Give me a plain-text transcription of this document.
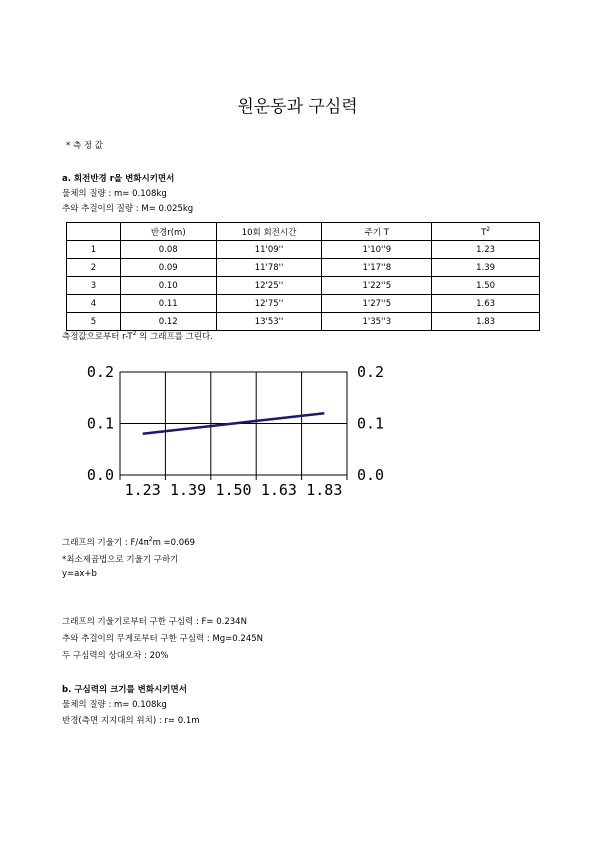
원운동과 구심력
* 측 정 값
a. 회전반경 r을 변화시키면서
물체의 질량 : m= 0.108kg
추와 추걸이의 질량 : M= 0.025kg
	반경r(m)	10회 회전시간	주기 T	$T^2$
1	0.08	11'09''	1'10''9	1.23
2	0.09	11'78''	1'17''8	1.39
3	0.10	12'25''	1'22''5	1.50
4	0.11	12'75''	1'27''5	1.63
5	0.12	13'53''	1'35''3	1.83
측정값으로부터 $r-T^2$ 의 그래프를 그린다.
0.2
0.1
0.0
0.2
0.1
0.0
1.23 1.39 1.50 1.63 1.83
그래프의 기울기 : $F/4\pi^2m =0.069$
*최소제곱법으로 기울기 구하기
y=ax+b
그래프의 기울기로부터 구한 구심력 : F= 0.234N
추와 추걸이의 무게로부터 구한 구심력 : Mg=0.245N
두 구심력의 상대오차 : 20%
b. 구심력의 크기를 변화시키면서
물체의 질량 : m= 0.108kg
반경(측면 지지대의 위치) : r= 0.1m
